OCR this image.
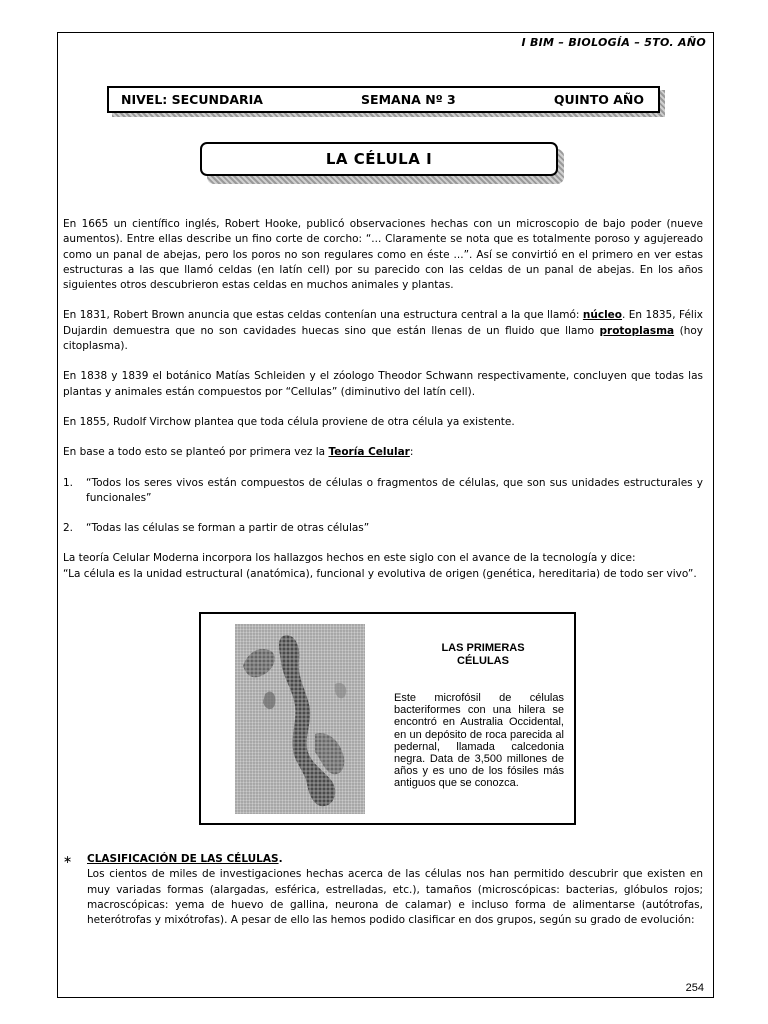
I BIM – BIOLOGÍA – 5TO. AÑO
NIVEL: SECUNDARIA	SEMANA Nº 3	QUINTO AÑO
LA CÉLULA I

En 1665 un científico inglés, Robert Hooke, publicó observaciones hechas con un microscopio de bajo poder (nueve aumentos). Entre ellas describe un fino corte de corcho: “... Claramente se nota que es totalmente poroso y agujereado como un panal de abejas, pero los poros no son regulares como en éste ...”. Así se convirtió en el primero en ver estas estructuras a las que llamó celdas (en latín cell) por su parecido con las celdas de un panal de abejas. En los años siguientes otros descubrieron estas celdas en muchos animales y plantas.

En 1831, Robert Brown anuncia que estas celdas contenían una estructura central a la que llamó: núcleo. En 1835, Félix Dujardin demuestra que no son cavidades huecas sino que están llenas de un fluido que llamo protoplasma (hoy citoplasma).

En 1838 y 1839 el botánico Matías Schleiden y el zóologo Theodor Schwann respectivamente, concluyen que todas las plantas y animales están compuestos por “Cellulas” (diminutivo del latín cell).

En 1855, Rudolf Virchow plantea que toda célula proviene de otra célula ya existente.

En base a todo esto se planteó por primera vez la Teoría Celular:

1.	“Todos los seres vivos están compuestos de células o fragmentos de células, que son sus unidades estructurales y funcionales”
2.	“Todas las células se forman a partir de otras células”
La teoría Celular Moderna incorpora los hallazgos hechos en este siglo con el avance de la tecnología y dice:
“La célula es la unidad estructural (anatómica), funcional y evolutiva de origen (genética, hereditaria) de todo ser vivo”.
LAS PRIMERAS CÉLULAS
Este microfósil de células bacteriformes con una hilera se encontró en Australia Occidental, en un depósito de roca parecida al pedernal, llamada calcedonia negra. Data de 3,500 millones de años y es uno de los fósiles más antiguos que se conozca.
∗	CLASIFICACIÓN DE LAS CÉLULAS.
Los cientos de miles de investigaciones hechas acerca de las células nos han permitido descubrir que existen en muy variadas formas (alargadas, esférica, estrelladas, etc.), tamaños (microscópicas: bacterias, glóbulos rojos; macroscópicas: yema de huevo de gallina, neurona de calamar) e incluso forma de alimentarse (autótrofas, heterótrofas y mixótrofas). A pesar de ello las hemos podido clasificar en dos grupos, según su grado de evolución:
254
